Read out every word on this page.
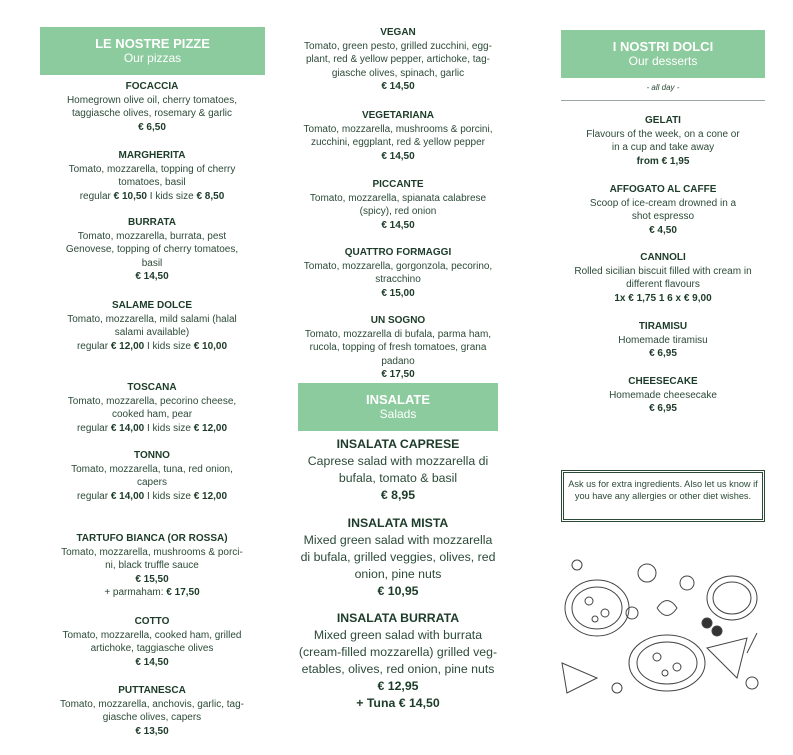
LE NOSTRE PIZZE
Our pizzas
FOCACCIA
Homegrown olive oil, cherry tomatoes,
taggiasche olives, rosemary & garlic
€ 6,50
MARGHERITA
Tomato, mozzarella, topping of cherry
tomatoes, basil
regular € 10,50 I kids size € 8,50
BURRATA
Tomato, mozzarella, burrata, pest
Genovese, topping of cherry tomatoes,
basil
€ 14,50
SALAME DOLCE
Tomato, mozzarella, mild salami (halal
salami available)
regular € 12,00 I kids size € 10,00
TOSCANA
Tomato, mozzarella, pecorino cheese,
cooked ham, pear
regular € 14,00 I kids size € 12,00
TONNO
Tomato, mozzarella, tuna, red onion,
capers
regular € 14,00 I kids size € 12,00
TARTUFO BIANCA (OR ROSSA)
Tomato, mozzarella, mushrooms & porci-
ni, black truffle sauce
€ 15,50
+ parmaham: € 17,50
COTTO
Tomato, mozzarella, cooked ham, grilled
artichoke, taggiasche olives
€ 14,50
PUTTANESCA
Tomato, mozzarella, anchovis, garlic, tag-
giasche olives, capers
€ 13,50
VEGAN
Tomato, green pesto, grilled zucchini, egg-
plant, red & yellow pepper, artichoke, tag-
giasche olives, spinach, garlic
€ 14,50
VEGETARIANA
Tomato, mozzarella, mushrooms & porcini,
zucchini, eggplant, red & yellow pepper
€ 14,50
PICCANTE
Tomato, mozzarella, spianata calabrese
(spicy), red onion
€ 14,50
QUATTRO FORMAGGI
Tomato, mozzarella, gorgonzola, pecorino,
stracchino
€ 15,00
UN SOGNO
Tomato, mozzarella di bufala, parma ham,
rucola, topping of fresh tomatoes, grana
padano
€ 17,50
INSALATE
Salads
INSALATA CAPRESE
Caprese salad with mozzarella di
bufala, tomato & basil
€ 8,95
INSALATA MISTA
Mixed green salad with mozzarella
di bufala, grilled veggies, olives, red
onion, pine nuts
€ 10,95
INSALATA BURRATA
Mixed green salad with burrata
(cream-filled mozzarella) grilled veg-
etables, olives, red onion, pine nuts
€ 12,95
+ Tuna € 14,50
I NOSTRI DOLCI
Our desserts
- all day -
GELATI
Flavours of the week, on a cone or
in a cup and take away
from € 1,95
AFFOGATO AL CAFFE
Scoop of ice-cream drowned in a
shot espresso
€ 4,50
CANNOLI
Rolled sicilian biscuit filled with cream in
different flavours
1x € 1,75 1 6 x € 9,00
TIRAMISU
Homemade tiramisu
€ 6,95
CHEESECAKE
Homemade cheesecake
€ 6,95
Ask us for extra ingredients. Also let us know if you have any allergies or other diet wishes.
